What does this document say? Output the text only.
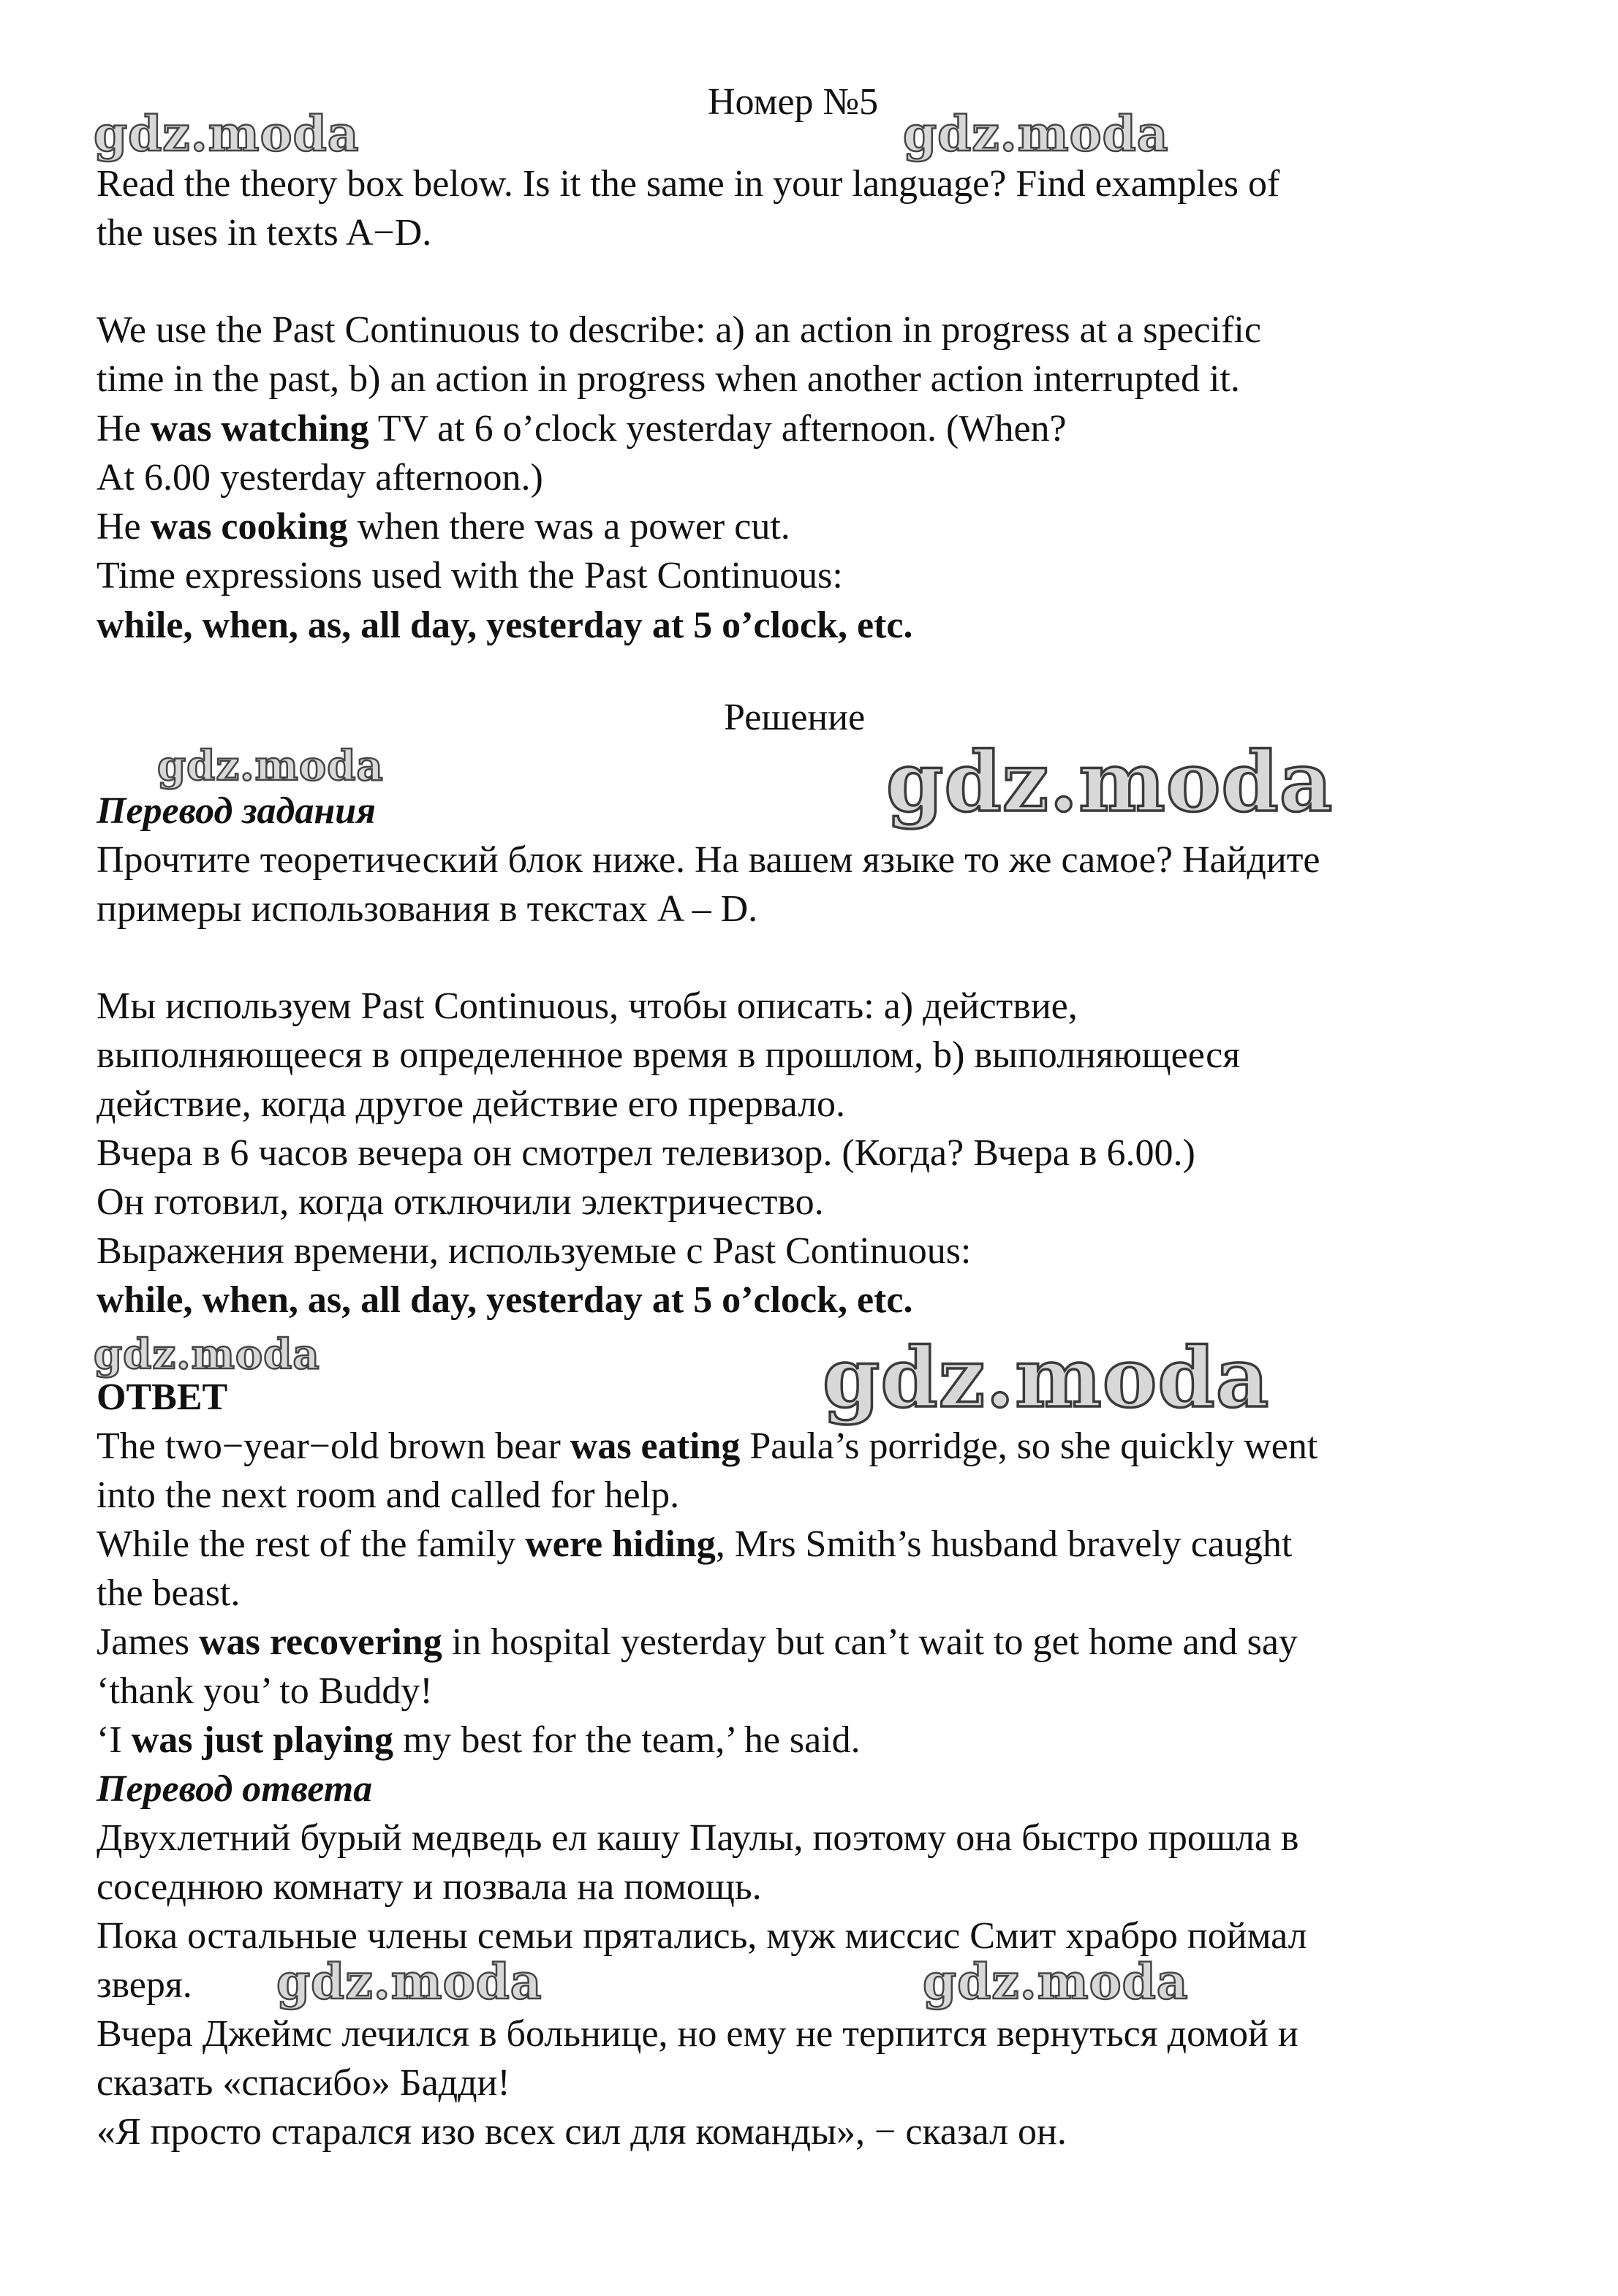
gdz.moda	gdz.moda
gdz.moda	gdz.moda
gdz.moda	gdz.moda
gdz.moda	gdz.moda
Номер №5
Read the theory box below. Is it the same in your language? Find examples of
the uses in texts A−D.
We use the Past Continuous to describe: a) an action in progress at a specific
time in the past, b) an action in progress when another action interrupted it.
He was watching TV at 6 o’clock yesterday afternoon. (When?
At 6.00 yesterday afternoon.)
He was cooking when there was a power cut.
Time expressions used with the Past Continuous:
while, when, as, all day, yesterday at 5 o’clock, etc.
Решение
Перевод задания
Прочтите теоретический блок ниже. На вашем языке то же самое? Найдите
примеры использования в текстах A – D.
Мы используем Past Continuous, чтобы описать: a) действие,
выполняющееся в определенное время в прошлом, b) выполняющееся
действие, когда другое действие его прервало.
Вчера в 6 часов вечера он смотрел телевизор. (Когда? Вчера в 6.00.)
Он готовил, когда отключили электричество.
Выражения времени, используемые с Past Continuous:
while, when, as, all day, yesterday at 5 o’clock, etc.
ОТВЕТ
The two−year−old brown bear was eating Paula’s porridge, so she quickly went
into the next room and called for help.
While the rest of the family were hiding, Mrs Smith’s husband bravely caught
the beast.
James was recovering in hospital yesterday but can’t wait to get home and say
‘thank you’ to Buddy!
‘I was just playing my best for the team,’ he said.
Перевод ответа
Двухлетний бурый медведь ел кашу Паулы, поэтому она быстро прошла в
соседнюю комнату и позвала на помощь.
Пока остальные члены семьи прятались, муж миссис Смит храбро поймал
зверя.
Вчера Джеймс лечился в больнице, но ему не терпится вернуться домой и
сказать «спасибо» Бадди!
«Я просто старался изо всех сил для команды», − сказал он.
